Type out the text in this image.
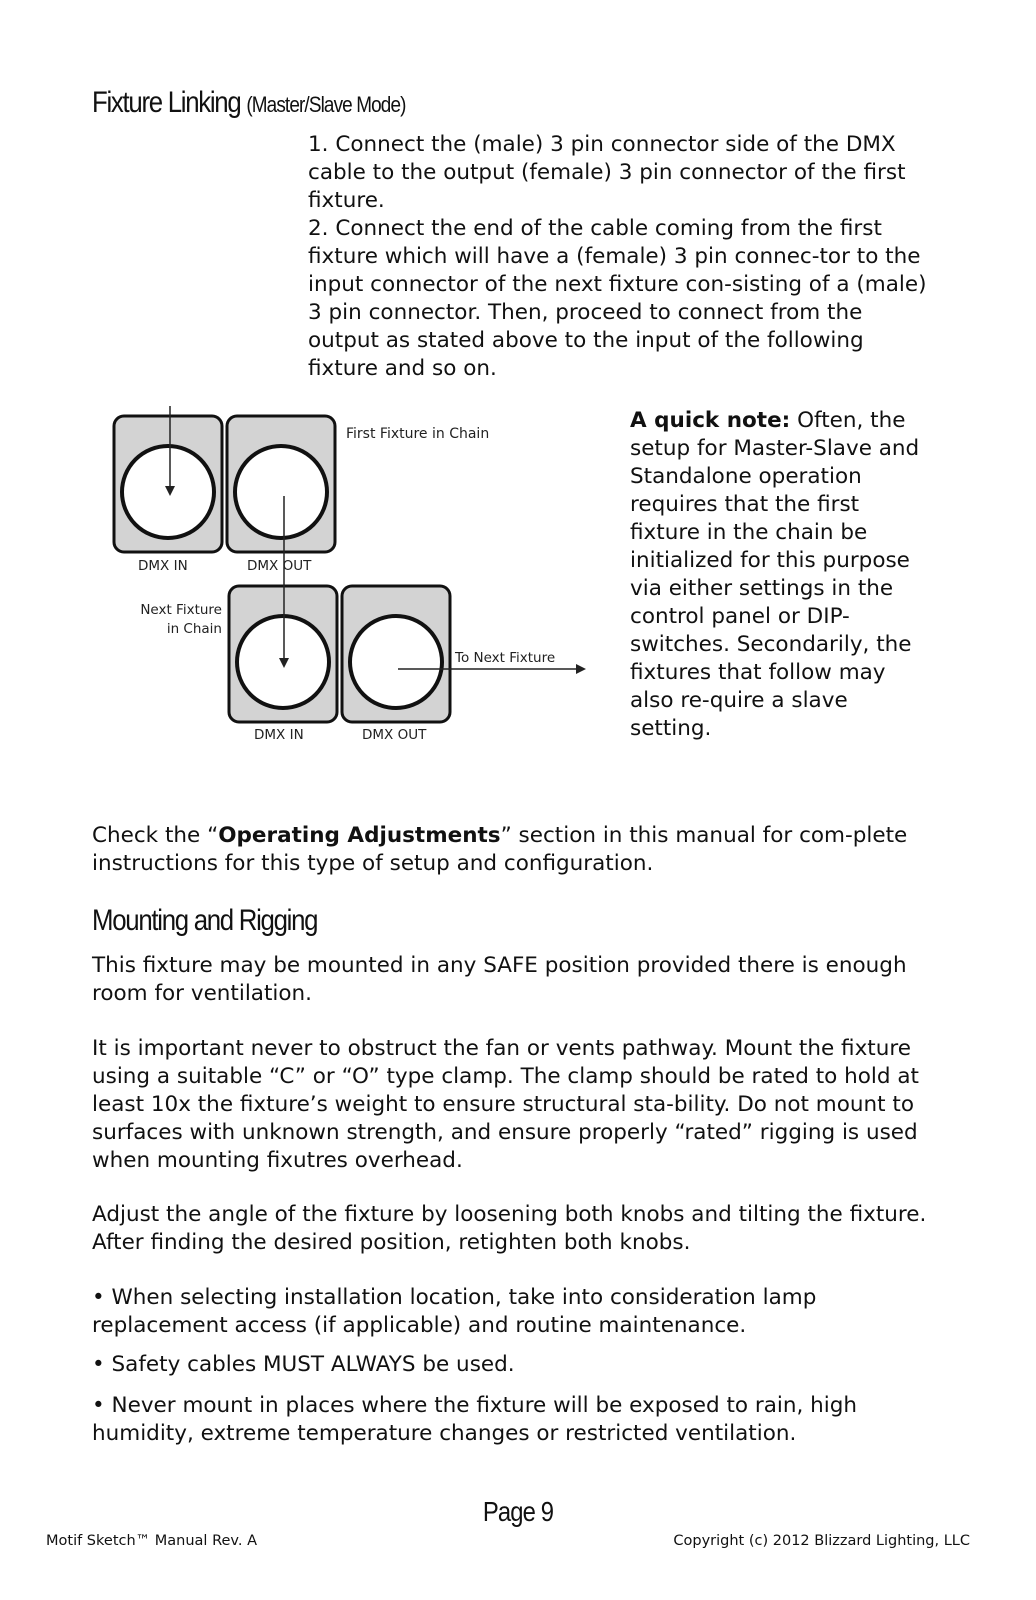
Fixture Linking (Master/Slave Mode)

1. Connect the (male) 3 pin connector side of the DMX cable to the output (female) 3 pin connector of the first fixture.

2. Connect the end of the cable coming from the first fixture which will have a (female) 3 pin connec-tor to the input connector of the next fixture con-sisting of a (male) 3 pin connector. Then, proceed to connect from the output as stated above to the input of the following fixture and so on.

First Fixture in Chain
DMX IN	DMX OUT
Next Fixture
in Chain
To Next Fixture
DMX IN	DMX OUT

A quick note: Often, the setup for Master-Slave and Standalone operation requires that the first fixture in the chain be initialized for this purpose via either settings in the control panel or DIP-switches. Secondarily, the fixtures that follow may also re-quire a slave setting.

Check the “Operating Adjustments” section in this manual for com-plete instructions for this type of setup and configuration.

Mounting and Rigging

This fixture may be mounted in any SAFE position provided there is enough room for ventilation.

It is important never to obstruct the fan or vents pathway. Mount the fixture using a suitable “C” or “O” type clamp. The clamp should be rated to hold at least 10x the fixture’s weight to ensure structural sta-bility. Do not mount to surfaces with unknown strength, and ensure properly “rated” rigging is used when mounting fixutres overhead.

Adjust the angle of the fixture by loosening both knobs and tilting the fixture. After finding the desired position, retighten both knobs.

• When selecting installation location, take into consideration lamp replacement access (if applicable) and routine maintenance.

• Safety cables MUST ALWAYS be used.

• Never mount in places where the fixture will be exposed to rain, high humidity, extreme temperature changes or restricted ventilation.

Page 9

Motif Sketch™ Manual Rev. A	Copyright (c) 2012 Blizzard Lighting, LLC
